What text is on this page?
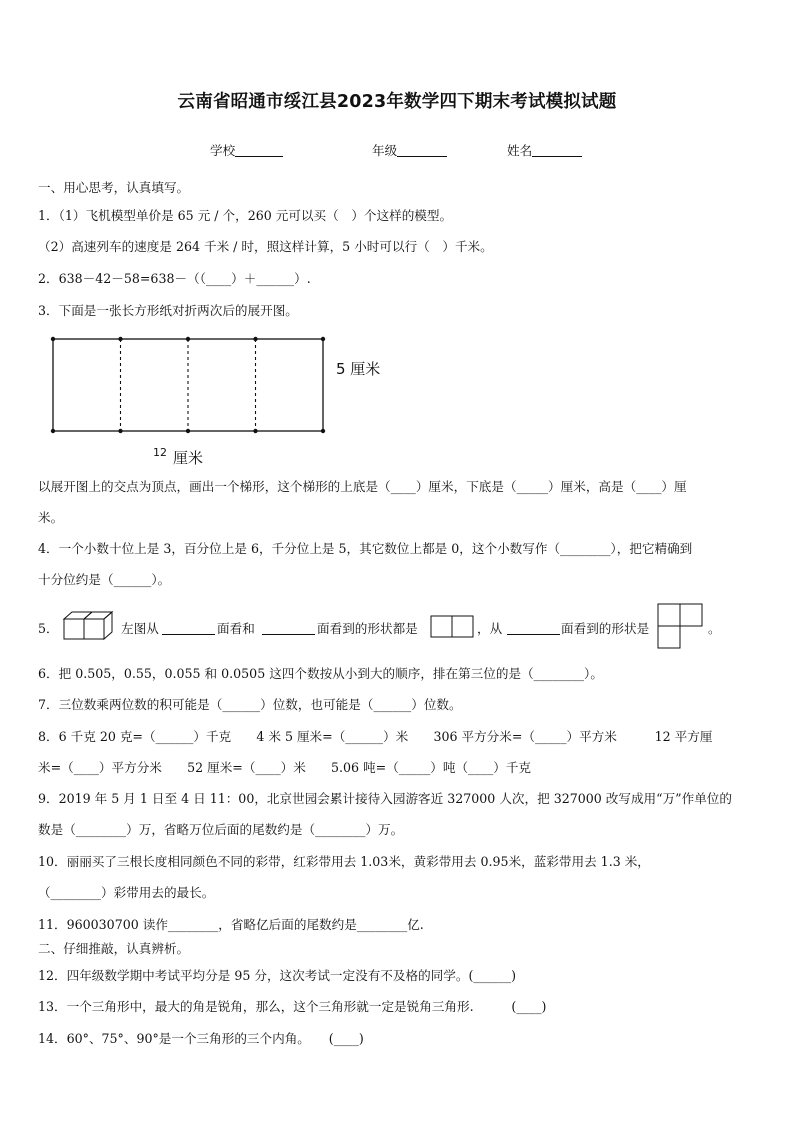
云南省昭通市绥江县2023年数学四下期末考试模拟试题
学校	年级	姓名
一、用心思考，认真填写。
1．（1）飞机模型单价是 65 元 / 个，260 元可以买（　）个这样的模型。
（2）高速列车的速度是 264 千米 / 时，照这样计算，5 小时可以行（　）千米。
2．638－42－58=638－（（____）＋______）.
3．下面是一张长方形纸对折两次后的展开图。
5 厘米
12 厘米
以展开图上的交点为顶点，画出一个梯形，这个梯形的上底是（____）厘米，下底是（_____）厘米，高是（____）厘
米。
4．一个小数十位上是 3，百分位上是 6，千分位上是 5，其它数位上都是 0，这个小数写作（________），把它精确到
十分位约是（______）。
5．	左图从	面看和	面看到的形状都是	，从	面看到的形状是	。
6．把 0.505，0.55，0.055 和 0.0505 这四个数按从小到大的顺序，排在第三位的是（________）。
7．三位数乘两位数的积可能是（______）位数，也可能是（______）位数。
8．6 千克 20 克=（______）千克　　4 米 5 厘米=（______）米　　306 平方分米=（_____）平方米　　　12 平方厘
米=（____）平方分米　　52 厘米=（____）米　　5.06 吨=（_____）吨（____）千克
9．2019 年 5 月 1 日至 4 日 11：00，北京世园会累计接待入园游客近 327000 人次，把 327000 改写成用“万”作单位的
数是（________）万，省略万位后面的尾数约是（________）万。
10．丽丽买了三根长度相同颜色不同的彩带，红彩带用去 1.03米，黄彩带用去 0.95米，蓝彩带用去 1.3 米，
（________）彩带用去的最长。
11．960030700 读作________，省略亿后面的尾数约是________亿.
二、仔细推敲，认真辨析。
12．四年级数学期中考试平均分是 95 分，这次考试一定没有不及格的同学。(______)
13．一个三角形中，最大的角是锐角，那么，这个三角形就一定是锐角三角形.　　　(____)
14．60°、75°、90°是一个三角形的三个内角。　　(____)
